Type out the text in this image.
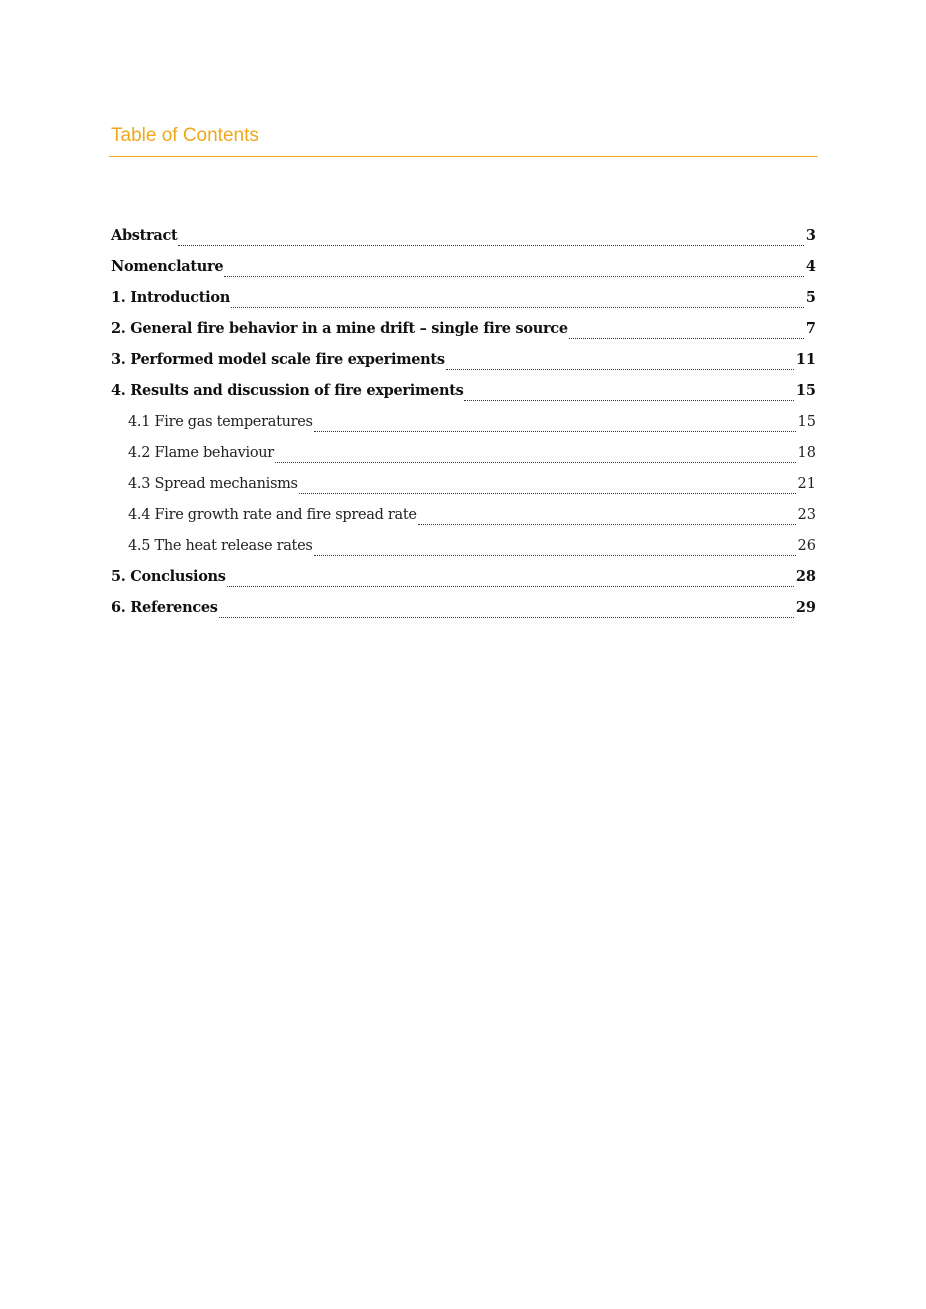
Table of Contents
Abstract	3
Nomenclature	4
1. Introduction	5
2. General fire behavior in a mine drift – single fire source	7
3. Performed model scale fire experiments	11
4. Results and discussion of fire experiments	15
4.1 Fire gas temperatures	15
4.2 Flame behaviour	18
4.3 Spread mechanisms	21
4.4 Fire growth rate and fire spread rate	23
4.5 The heat release rates	26
5. Conclusions	28
6. References	29
